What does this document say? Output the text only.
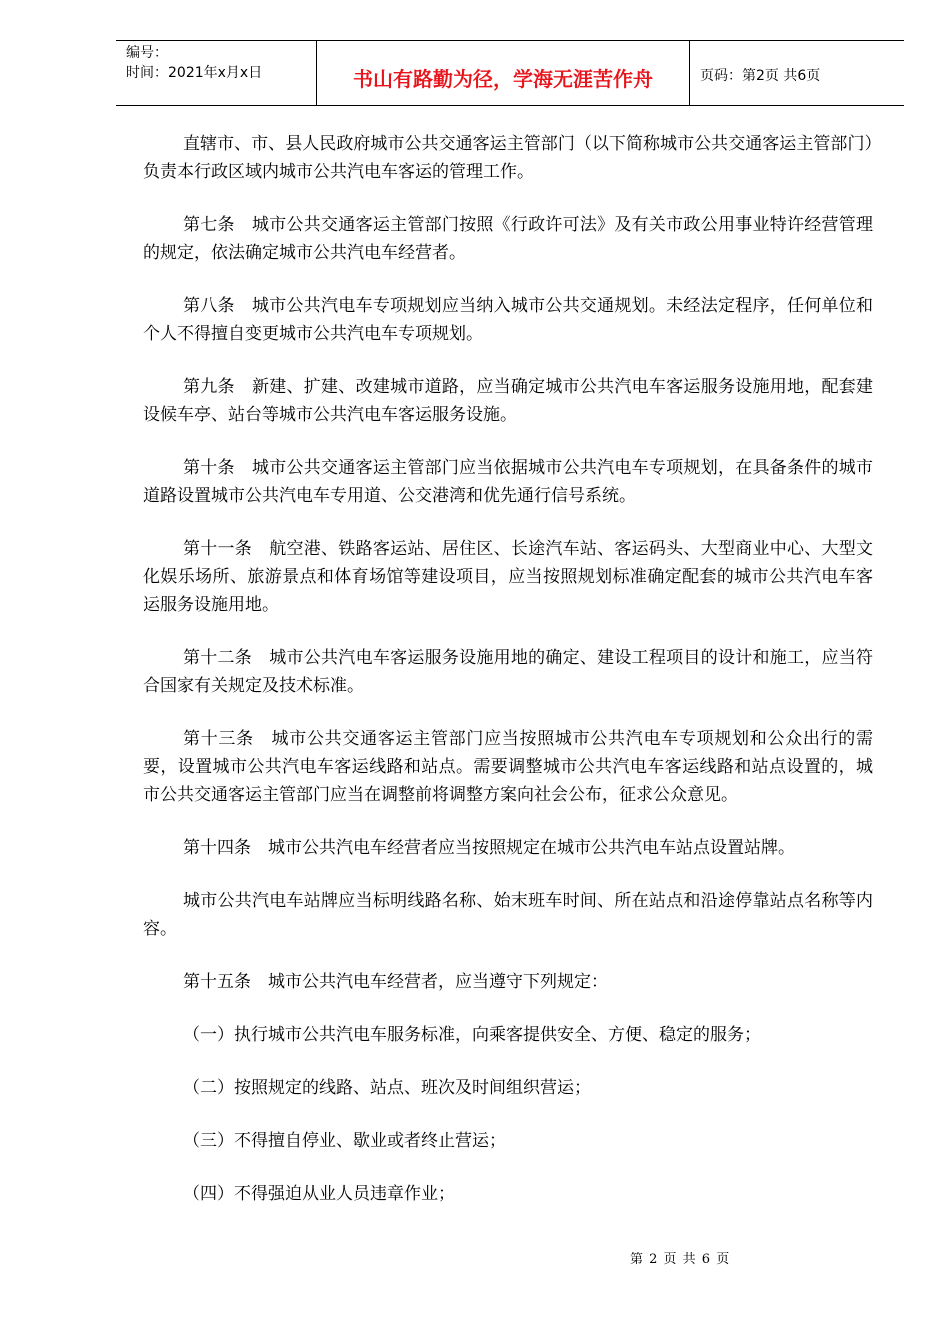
编号：
时间：2021年x月x日	书山有路勤为径，学海无涯苦作舟	页码：第2页 共6页

直辖市、市、县人民政府城市公共交通客运主管部门（以下简称城市公共交通客运主管部门）负责本行政区域内城市公共汽电车客运的管理工作。

第七条　城市公共交通客运主管部门按照《行政许可法》及有关市政公用事业特许经营管理的规定，依法确定城市公共汽电车经营者。

第八条　城市公共汽电车专项规划应当纳入城市公共交通规划。未经法定程序，任何单位和个人不得擅自变更城市公共汽电车专项规划。

第九条　新建、扩建、改建城市道路，应当确定城市公共汽电车客运服务设施用地，配套建设候车亭、站台等城市公共汽电车客运服务设施。

第十条　城市公共交通客运主管部门应当依据城市公共汽电车专项规划，在具备条件的城市道路设置城市公共汽电车专用道、公交港湾和优先通行信号系统。

第十一条　航空港、铁路客运站、居住区、长途汽车站、客运码头、大型商业中心、大型文化娱乐场所、旅游景点和体育场馆等建设项目，应当按照规划标准确定配套的城市公共汽电车客运服务设施用地。

第十二条　城市公共汽电车客运服务设施用地的确定、建设工程项目的设计和施工，应当符合国家有关规定及技术标准。

第十三条　城市公共交通客运主管部门应当按照城市公共汽电车专项规划和公众出行的需要，设置城市公共汽电车客运线路和站点。需要调整城市公共汽电车客运线路和站点设置的，城市公共交通客运主管部门应当在调整前将调整方案向社会公布，征求公众意见。

第十四条　城市公共汽电车经营者应当按照规定在城市公共汽电车站点设置站牌。

城市公共汽电车站牌应当标明线路名称、始末班车时间、所在站点和沿途停靠站点名称等内容。

第十五条　城市公共汽电车经营者，应当遵守下列规定：

（一）执行城市公共汽电车服务标准，向乘客提供安全、方便、稳定的服务；

（二）按照规定的线路、站点、班次及时间组织营运；

（三）不得擅自停业、歇业或者终止营运；

（四）不得强迫从业人员违章作业；

第 2 页 共 6 页
